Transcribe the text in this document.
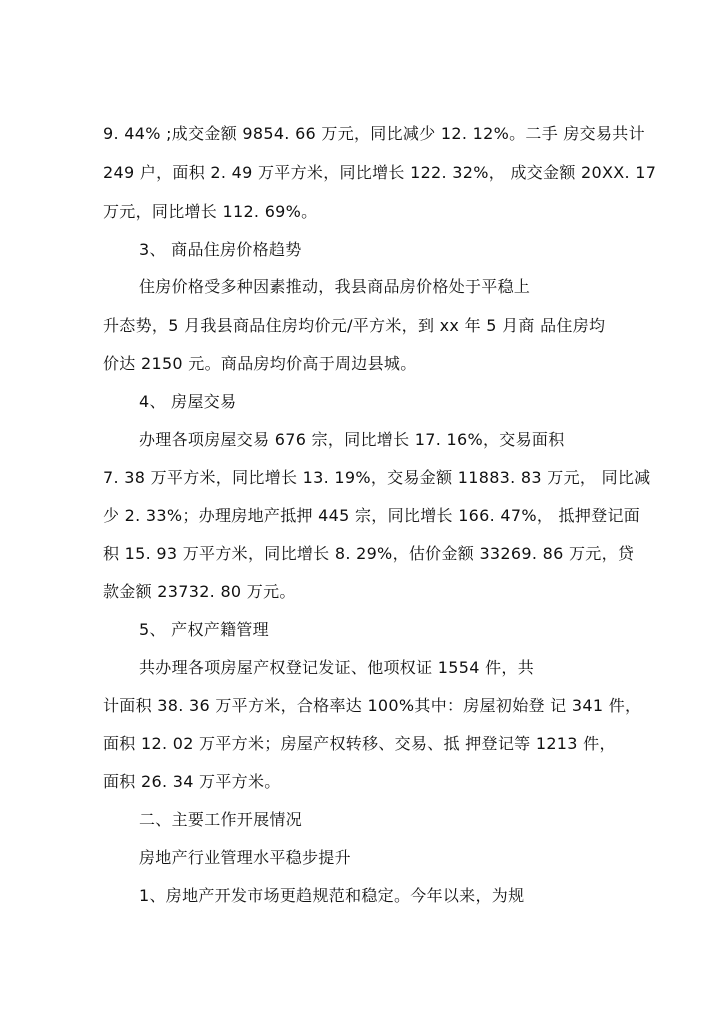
9. 44% ;成交金额 9854. 66 万元，同比减少 12. 12%。二手 房交易共计
249 户，面积 2. 49 万平方米，同比增长 122. 32%， 成交金额 20XX. 17
万元，同比增长 112. 69%。
3、 商品住房价格趋势
住房价格受多种因素推动，我县商品房价格处于平稳上
升态势，5 月我县商品住房均价元/平方米，到 xx 年 5 月商 品住房均
价达 2150 元。商品房均价高于周边县城。
4、 房屋交易
办理各项房屋交易 676 宗，同比增长 17. 16%，交易面积
7. 38 万平方米，同比增长 13. 19%，交易金额 11883. 83 万元， 同比减
少 2. 33%；办理房地产抵押 445 宗，同比增长 166. 47%， 抵押登记面
积 15. 93 万平方米，同比增长 8. 29%，估价金额 33269. 86 万元，贷
款金额 23732. 80 万元。
5、 产权产籍管理
共办理各项房屋产权登记发证、他项权证 1554 件，共
计面积 38. 36 万平方米，合格率达 100%其中：房屋初始登 记 341 件，
面积 12. 02 万平方米；房屋产权转移、交易、抵 押登记等 1213 件，
面积 26. 34 万平方米。
二、主要工作开展情况
房地产行业管理水平稳步提升
1、房地产开发市场更趋规范和稳定。今年以来，为规
